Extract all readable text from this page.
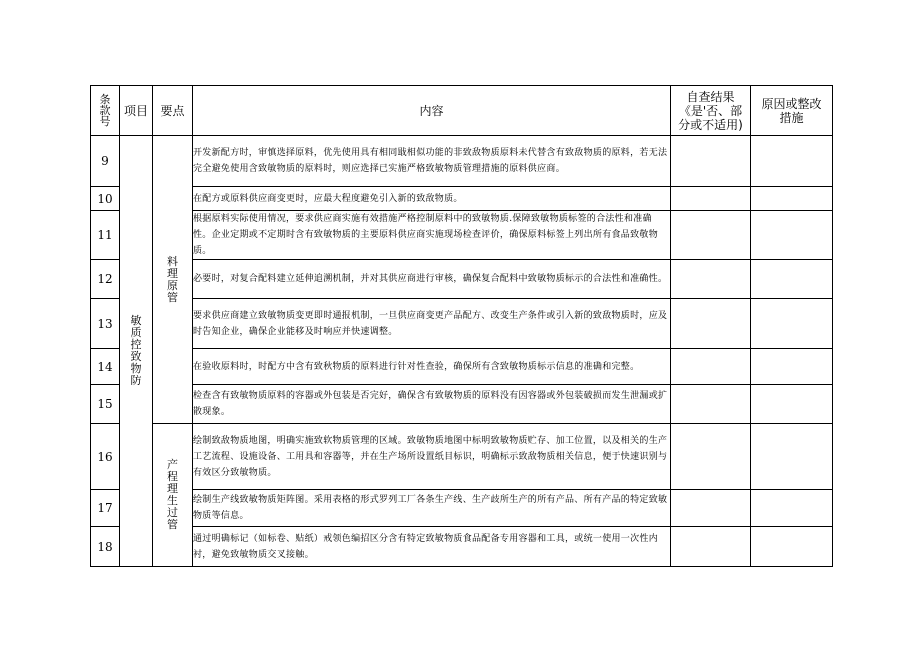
条款号	项目	要点	内容	自查结果《是'否、部分或不适用)	原因或整改措施
9	敏质控致物防	料理原管	开发新配方时，审慎选择原料，优先使用具有相同戢相似功能的非致敌物质原料未代替含有致敌物质的原料，若无法完全避免使用含致敏物质的原料时，则应选择已实施严格致敏物质管理措施的原料供应商。		
10			在配方或原料供应商变更时，应最大程度避免引入新的致敌物质。		
11			根据原料实际使用情况，要求供应商实施有效措施严格控制原料中的致敏物质.保障致敏物质标签的合法性和准确性。企业定期或不定期时含有致敏物质的主要原料供应商实施现场检查评价，确保原料标签上列出所有食品致敬物质。		
12			必要时，对复合配料建立延伸追溯机制，并对其供应商进行审核，确保复合配料中致敏物质标示的合法性和准确性。		
13			要求供应商建立致敏物质变更即时通报机制，一旦供应商变更产品配方、改变生产条件或引入新的致敌物质时，应及时告知企业，确保企业能移及时响应并快速调整。		
14			在验收原料时，时配方中含有致秋物质的原料进行针对性查验，确保所有含致敏物质标示信息的准确和完整。		
15			检查含有致敏物质原料的容器或外包装是否完好，确保含有致敏物质的原料没有因容器或外包装破损而发生泄漏或扩散现象。		
16		产程理生过管	绘制致敌物质地图，明确实施致软物质管理的区域。致敏物质地图中标明致敏物质贮存、加工位置，以及相关的生产工艺流程、设施设备、工用具和容器等，并在生产场所设置纸目标识，明确标示致敌物质相关信息，便于快速识别与有效区分致敏物质。		
17			绘制生产线致敏物质矩阵图。采用表格的形式罗列工厂各条生产线、生产歧所生产的所有产品、所有产品的特定致敏物质等信息。		
18			通过明确标记（如标卷、贴纸）戒领色编招区分含有特定致敏物质食品配备专用容器和工具，或统一使用一次性内衬，避免致敏物质交叉接触。		
